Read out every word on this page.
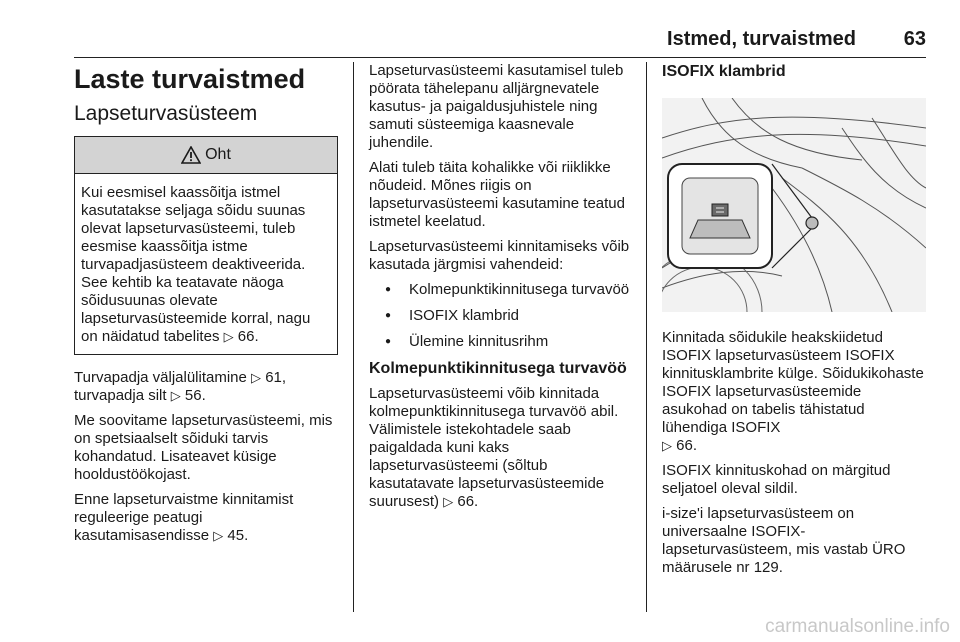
Istmed, turvaistmed 63
Laste turvaistmed
Lapseturvasüsteem
Oht

Kui eesmisel kaassõitja istmel kasutatakse seljaga sõidu suunas olevat lapseturvasüsteemi, tuleb eesmise kaassõitja istme turvapadjasüsteem deaktiveerida. See kehtib ka teatavate näoga sõidusuunas olevate lapseturvasüsteemide korral, nagu on näidatud tabelites ▷ 66.

Turvapadja väljalülitamine ▷ 61,
turvapadja silt ▷ 56.

Me soovitame lapseturvasüsteemi, mis on spetsiaalselt sõiduki tarvis kohandatud. Lisateavet küsige hooldustöökojast.

Enne lapseturvaistme kinnitamist reguleerige peatugi kasutamisasendisse ▷ 45.

Lapseturvasüsteemi kasutamisel tuleb pöörata tähelepanu alljärgnevatele kasutus- ja paigaldusjuhistele ning samuti süsteemiga kaasnevale juhendile.

Alati tuleb täita kohalikke või riiklikke nõudeid. Mõnes riigis on lapseturvasüsteemi kasutamine teatud istmetel keelatud.

Lapseturvasüsteemi kinnitamiseks võib kasutada järgmisi vahendeid:

● Kolmepunktikinnitusega turvavöö
● ISOFIX klambrid
● Ülemine kinnitusrihm
Kolmepunktikinnitusega turvavöö

Lapseturvasüsteemi võib kinnitada kolmepunktikinnitusega turvavöö abil. Välimistele istekohtadele saab paigaldada kuni kaks lapseturvasüsteemi (sõltub kasutatavate lapseturvasüsteemide suurusest) ▷ 66.

ISOFIX klambrid

Kinnitada sõidukile heakskiidetud ISOFIX lapseturvasüsteem ISOFIX kinnitusklambrite külge. Sõidukikohaste ISOFIX lapseturvasüsteemide asukohad on tabelis tähistatud lühendiga ISOFIX
▷ 66.

ISOFIX kinnituskohad on märgitud seljatoel oleval sildil.

i-size'i lapseturvasüsteem on universaalne ISOFIX-lapseturvasüsteem, mis vastab ÜRO määrusele nr 129.

carmanualsonline.info
